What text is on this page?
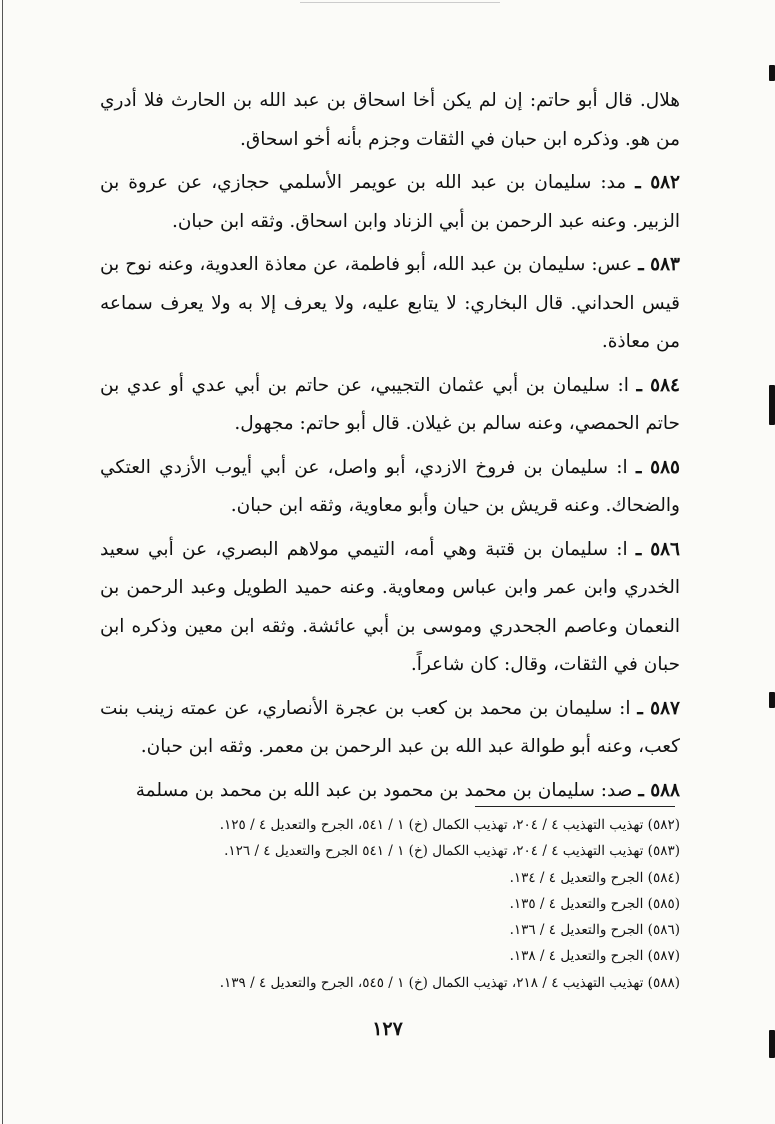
هلال. قال أبو حاتم: إن لم يكن أخا اسحاق بن عبد الله بن الحارث فلا أدري من هو. وذكره ابن حبان في الثقات وجزم بأنه أخو اسحاق.

٥٨٢ ـ مد: سليمان بن عبد الله بن عويمر الأسلمي حجازي، عن عروة بن الزبير. وعنه عبد الرحمن بن أبي الزناد وابن اسحاق. وثقه ابن حبان.

٥٨٣ ـ عس: سليمان بن عبد الله، أبو فاطمة، عن معاذة العدوية، وعنه نوح بن قيس الحداني. قال البخاري: لا يتابع عليه، ولا يعرف إلا به ولا يعرف سماعه من معاذة.

٥٨٤ ـ ا: سليمان بن أبي عثمان التجيبي، عن حاتم بن أبي عدي أو عدي بن حاتم الحمصي، وعنه سالم بن غيلان. قال أبو حاتم: مجهول.

٥٨٥ ـ ا: سليمان بن فروخ الازدي، أبو واصل، عن أبي أيوب الأزدي العتكي والضحاك. وعنه قريش بن حيان وأبو معاوية، وثقه ابن حبان.

٥٨٦ ـ ا: سليمان بن قتبة وهي أمه، التيمي مولاهم البصري، عن أبي سعيد الخدري وابن عمر وابن عباس ومعاوية. وعنه حميد الطويل وعبد الرحمن بن النعمان وعاصم الجحدري وموسى بن أبي عائشة. وثقه ابن معين وذكره ابن حبان في الثقات، وقال: كان شاعراً.

٥٨٧ ـ ا: سليمان بن محمد بن كعب بن عجرة الأنصاري، عن عمته زينب بنت كعب، وعنه أبو طوالة عبد الله بن عبد الرحمن بن معمر. وثقه ابن حبان.

٥٨٨ ـ صد: سليمان بن محمد بن محمود بن عبد الله بن محمد بن مسلمة

(٥٨٢) تهذيب التهذيب ٤ / ٢٠٤، تهذيب الكمال (خ) ١ / ٥٤١، الجرح والتعديل ٤ / ١٢٥.
(٥٨٣) تهذيب التهذيب ٤ / ٢٠٤، تهذيب الكمال (خ) ١ / ٥٤١ الجرح والتعديل ٤ / ١٢٦.
(٥٨٤) الجرح والتعديل ٤ / ١٣٤.
(٥٨٥) الجرح والتعديل ٤ / ١٣٥.
(٥٨٦) الجرح والتعديل ٤ / ١٣٦.
(٥٨٧) الجرح والتعديل ٤ / ١٣٨.
(٥٨٨) تهذيب التهذيب ٤ / ٢١٨، تهذيب الكمال (خ) ١ / ٥٤٥، الجرح والتعديل ٤ / ١٣٩.
١٢٧
